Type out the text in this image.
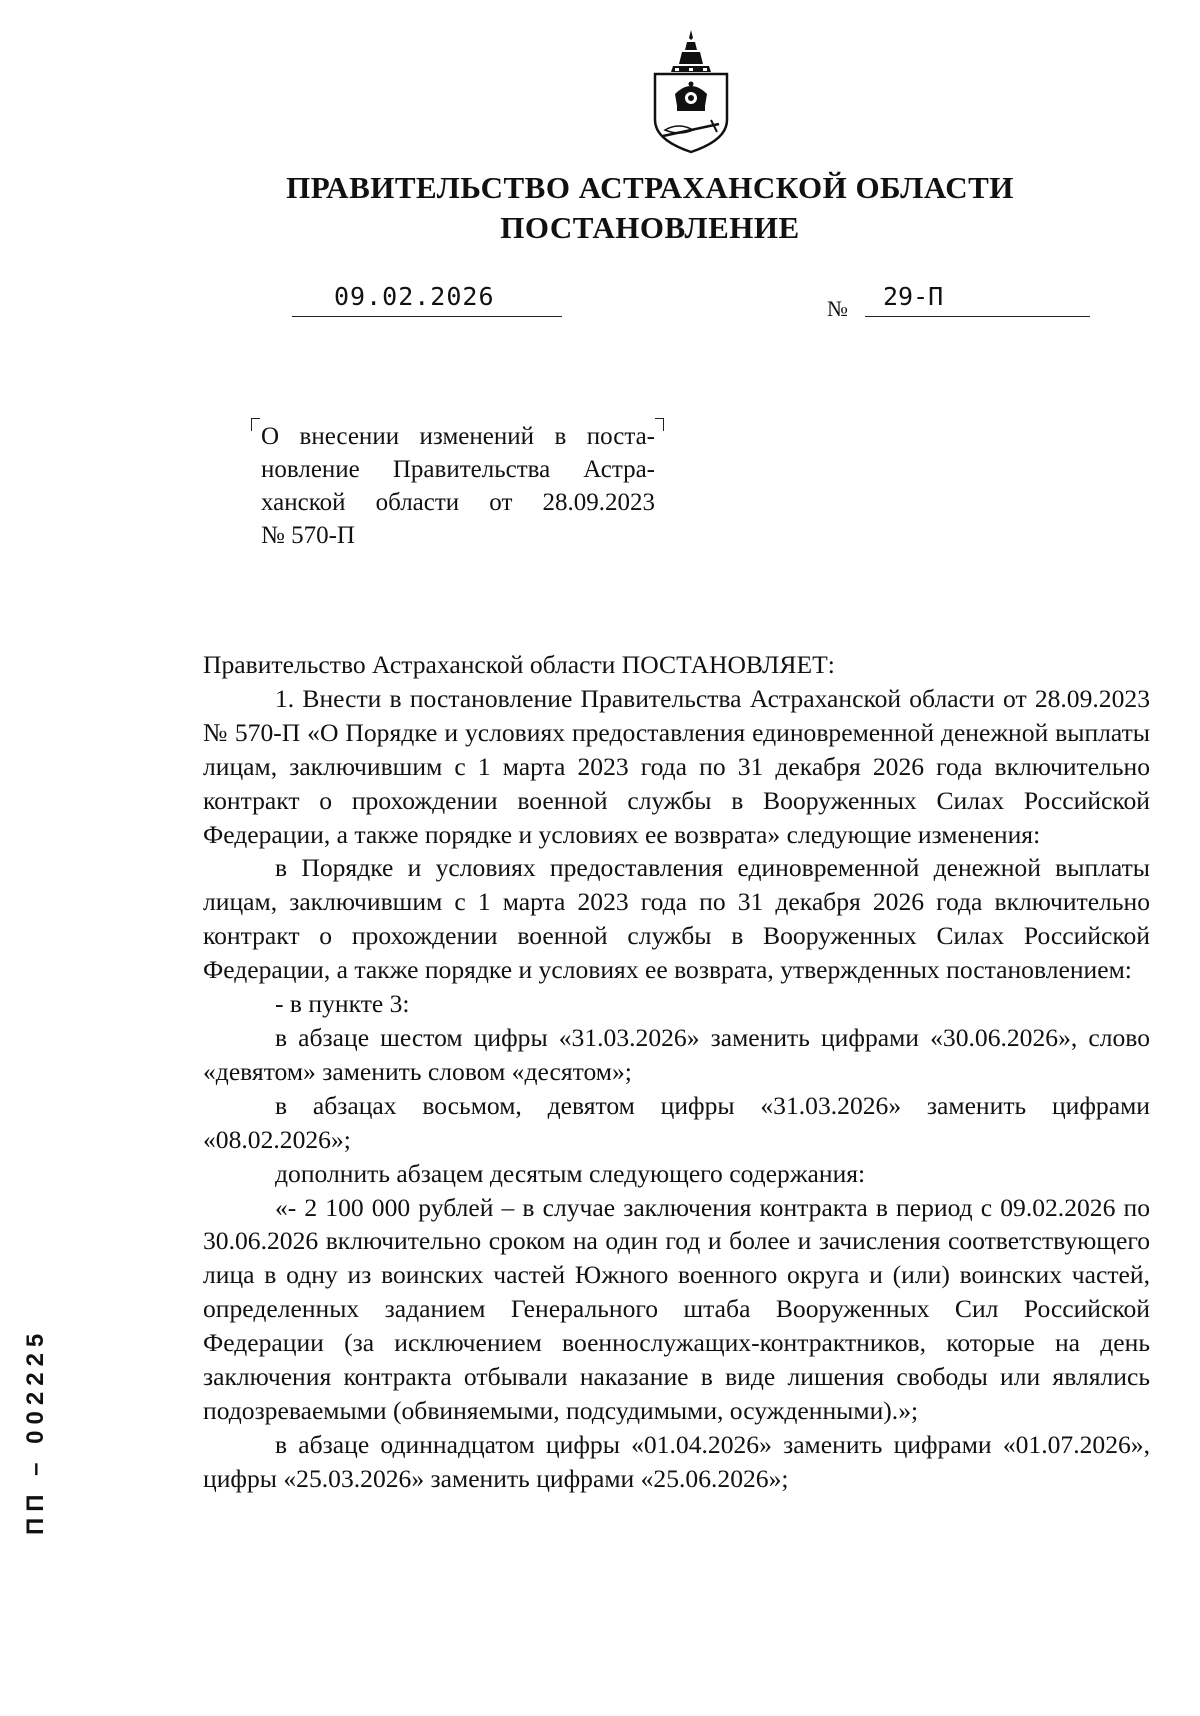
ПРАВИТЕЛЬСТВО АСТРАХАНСКОЙ ОБЛАСТИ
ПОСТАНОВЛЕНИЕ
09.02.2026	№ 29-П
О внесении изменений в поста-
новление Правительства Астра-
ханской области от 28.09.2023
№ 570-П

Правительство Астраханской области ПОСТАНОВЛЯЕТ:

1. Внести в постановление Правительства Астраханской области от 28.09.2023 № 570-П «О Порядке и условиях предоставления единовременной денежной выплаты лицам, заключившим с 1 марта 2023 года по 31 декабря 2026 года включительно контракт о прохождении военной службы в Вооруженных Силах Российской Федерации, а также порядке и условиях ее возврата» следующие изменения:

в Порядке и условиях предоставления единовременной денежной выплаты лицам, заключившим с 1 марта 2023 года по 31 декабря 2026 года включительно контракт о прохождении военной службы в Вооруженных Силах Российской Федерации, а также порядке и условиях ее возврата, утвержденных постановлением:

- в пункте 3:

в абзаце шестом цифры «31.03.2026» заменить цифрами «30.06.2026», слово «девятом» заменить словом «десятом»;

в абзацах восьмом, девятом цифры «31.03.2026» заменить цифрами «08.02.2026»;

дополнить абзацем десятым следующего содержания:

«- 2 100 000 рублей – в случае заключения контракта в период с 09.02.2026 по 30.06.2026 включительно сроком на один год и более и зачисления соответствующего лица в одну из воинских частей Южного военного округа и (или) воинских частей, определенных заданием Генерального штаба Вооруженных Сил Российской Федерации (за исключением военнослужащих-контрактников, которые на день заключения контракта отбывали наказание в виде лишения свободы или являлись подозреваемыми (обвиняемыми, подсудимыми, осужденными).»;

в абзаце одиннадцатом цифры «01.04.2026» заменить цифрами «01.07.2026», цифры «25.03.2026» заменить цифрами «25.06.2026»;

ПП – 002225
